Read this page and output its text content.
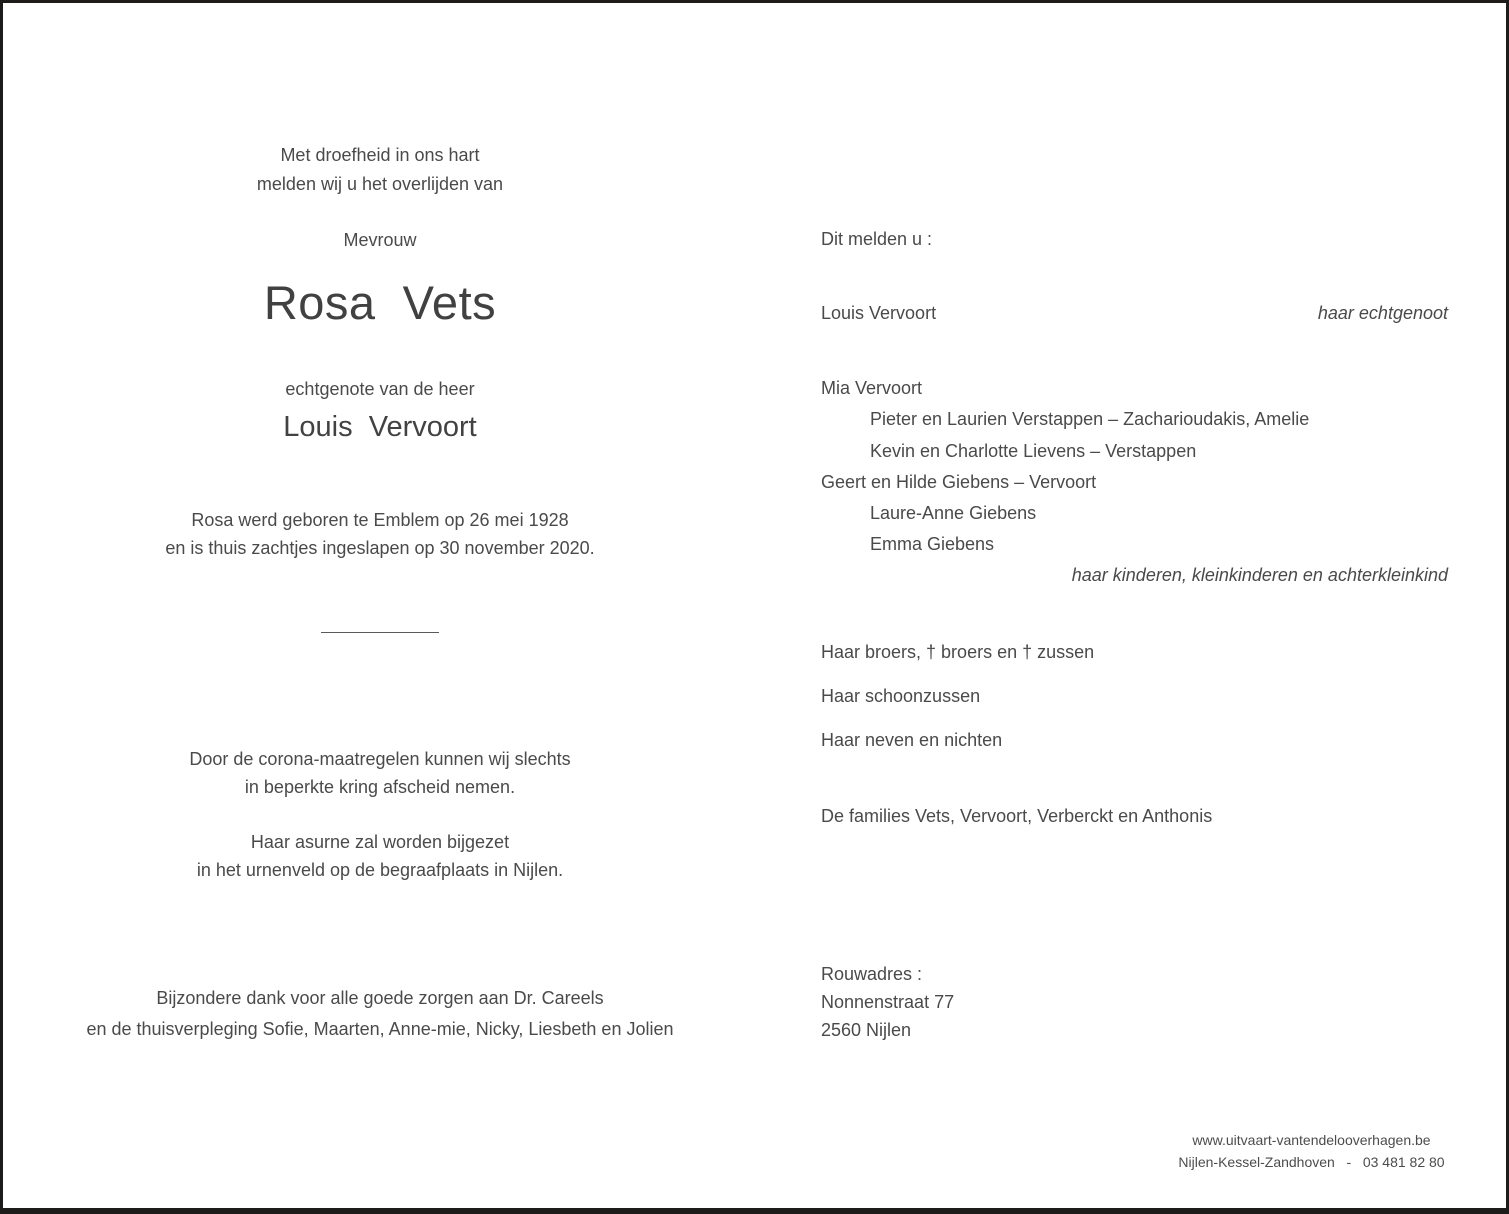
Met droefheid in ons hart
melden wij u het overlijden van
Mevrouw
Rosa  Vets
echtgenote van de heer
Louis  Vervoort
Rosa werd geboren te Emblem op 26 mei 1928
en is thuis zachtjes ingeslapen op 30 november 2020.
Door de corona-maatregelen kunnen wij slechts
in beperkte kring afscheid nemen.
Haar asurne zal worden bijgezet
in het urnenveld op de begraafplaats in Nijlen.
Bijzondere dank voor alle goede zorgen aan Dr. Careels
en de thuisverpleging Sofie, Maarten, Anne-mie, Nicky, Liesbeth en Jolien
Dit melden u :
Louis Vervoort	haar echtgenoot
Mia Vervoort
Pieter en Laurien Verstappen – Zacharioudakis, Amelie
Kevin en Charlotte Lievens – Verstappen
Geert en Hilde Giebens – Vervoort
Laure-Anne Giebens
Emma Giebens
haar kinderen, kleinkinderen en achterkleinkind
Haar broers, † broers en † zussen
Haar schoonzussen
Haar neven en nichten
De families Vets, Vervoort, Verberckt en Anthonis
Rouwadres :
Nonnenstraat 77
2560 Nijlen
www.uitvaart-vantendelooverhagen.be
Nijlen-Kessel-Zandhoven   -   03 481 82 80
